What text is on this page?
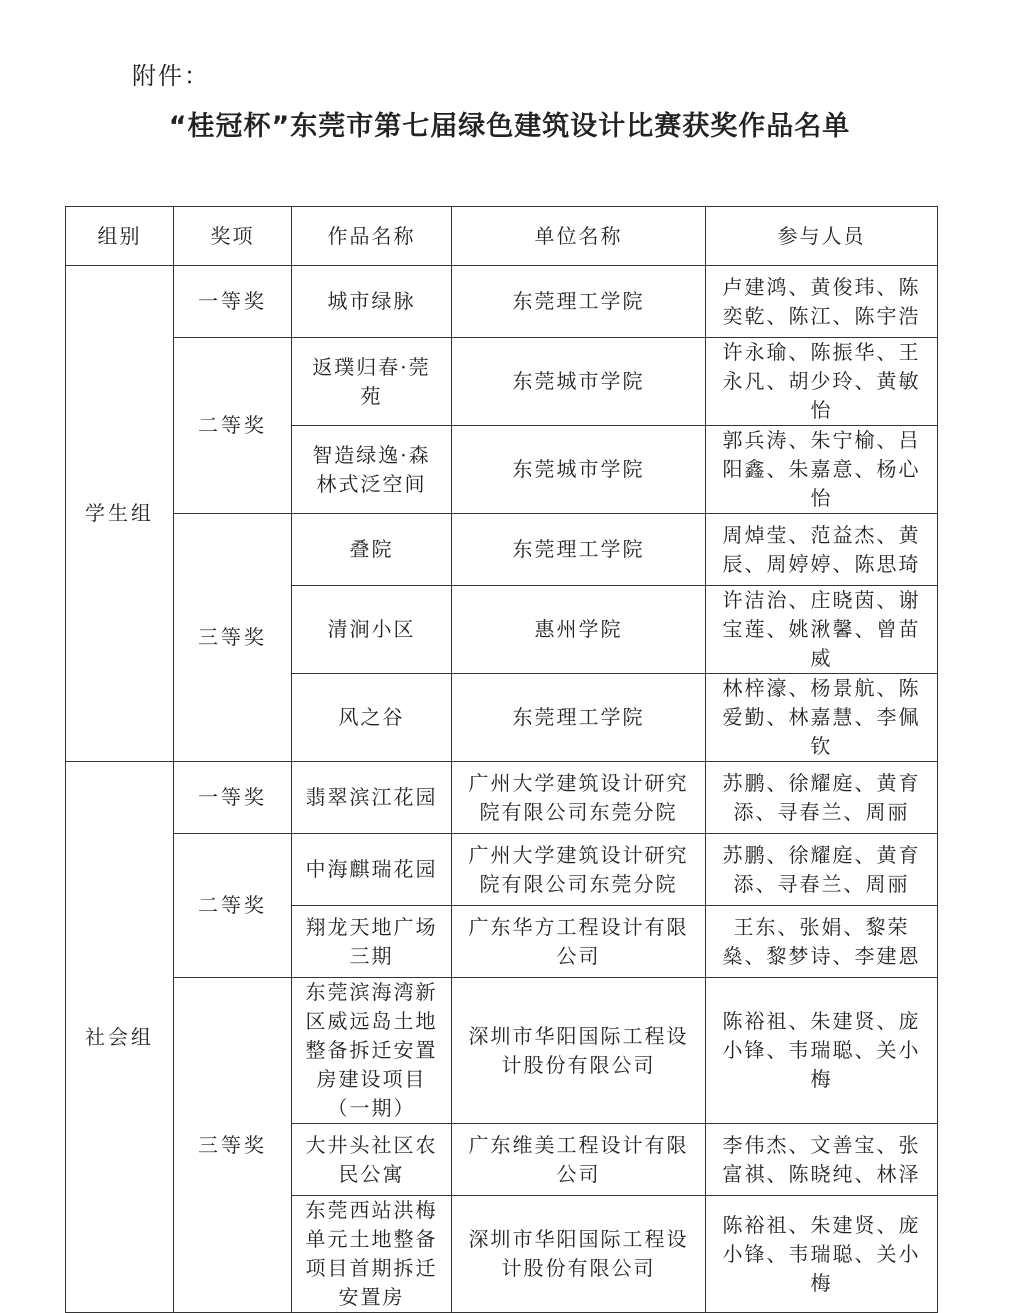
附件：
“桂冠杯”东莞市第七届绿色建筑设计比赛获奖作品名单
组别	奖项	作品名称	单位名称	参与人员
学生组	一等奖	城市绿脉	东莞理工学院	卢建鸿、黄俊玮、陈奕乾、陈江、陈宇浩
	二等奖	返璞归春·莞苑	东莞城市学院	许永瑜、陈振华、王永凡、胡少玲、黄敏怡
		智造绿逸·森林式泛空间	东莞城市学院	郭兵涛、朱宁榆、吕阳鑫、朱嘉意、杨心怡
	三等奖	叠院	东莞理工学院	周焯莹、范益杰、黄辰、周婷婷、陈思琦
		清涧小区	惠州学院	许洁治、庄晓茵、谢宝莲、姚湫馨、曾苗威
		风之谷	东莞理工学院	林梓濠、杨景航、陈爱勤、林嘉慧、李佩钦
社会组	一等奖	翡翠滨江花园	广州大学建筑设计研究院有限公司东莞分院	苏鹏、徐耀庭、黄育添、寻春兰、周丽
	二等奖	中海麒瑞花园	广州大学建筑设计研究院有限公司东莞分院	苏鹏、徐耀庭、黄育添、寻春兰、周丽
		翔龙天地广场三期	广东华方工程设计有限公司	王东、张娟、黎荣燊、黎梦诗、李建恩
	三等奖	东莞滨海湾新区威远岛土地整备拆迁安置房建设项目（一期）	深圳市华阳国际工程设计股份有限公司	陈裕祖、朱建贤、庞小锋、韦瑞聪、关小梅
		大井头社区农民公寓	广东维美工程设计有限公司	李伟杰、文善宝、张富祺、陈晓纯、林泽
		东莞西站洪梅单元土地整备项目首期拆迁安置房	深圳市华阳国际工程设计股份有限公司	陈裕祖、朱建贤、庞小锋、韦瑞聪、关小梅
